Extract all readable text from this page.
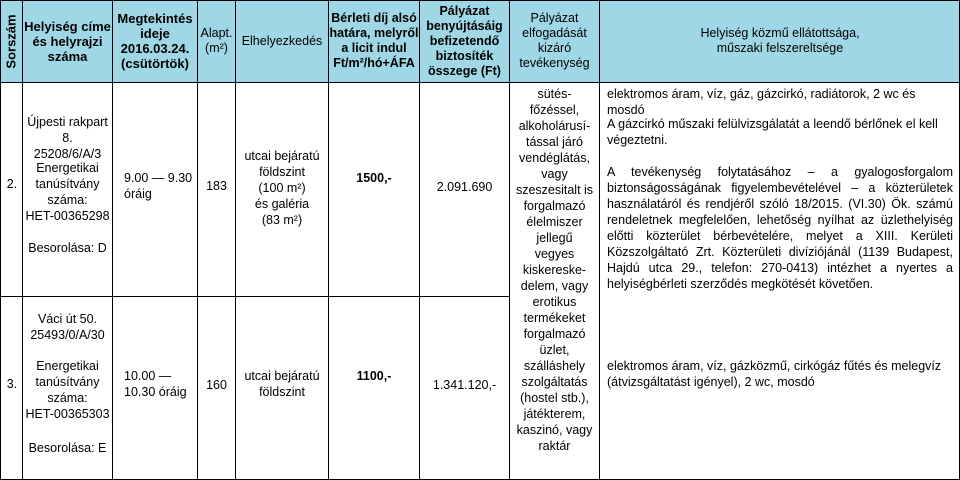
Sorszám Helyiség címe
és helyrajzi
száma
Megtekintés
ideje
2016.03.24.
(csütörtök)
Alapt.
(m²)
Elhelyezkedés
Bérleti díj alsó
határa, melyről
a licit indul
Ft/m²/hó+ÁFA
Pályázat
benyújtásáig
befizetendő
biztosíték
összege (Ft)
Pályázat
elfogadását
kizáró
tevékenység
Helyiség közmű ellátottsága,
műszaki felszereltsége
2.
Újpesti rakpart 8.
25208/6/A/3
Energetikai
tanúsítvány
száma:
HET-00365298
Besorolása: D
9.00 — 9.30
óráig
183
utcai bejáratú
földszint
(100 m²)
és galéria
(83 m²)
1500,-
2.091.690
3.
Váci út 50.
25493/0/A/30
Energetikai
tanúsítvány
száma:
HET-00365303
Besorolása: E
10.00 —
10.30 óráig	160
utcai bejáratú
földszint
1100,-
1.341.120,-
sütés-
főzéssel,
alkoholárusí-
tással járó
vendéglátás,
vagy
szeszesitalt is
forgalmazó
élelmiszer
jellegű
vegyes
kiskereske-
delem, vagy
erotikus
termékeket
forgalmazó
üzlet,
szálláshely
szolgáltatás
(hostel stb.),
játékterem,
kaszinó, vagy
raktár
elektromos áram, víz, gáz, gázcirkó, radiátorok, 2 wc és mosdó
A gázcirkó műszaki felülvizsgálatát a leendő bérlőnek el kell végeztetni.
A tevékenység folytatásához – a gyalogosforgalom biztonságosságának figyelembevételével – a közterületek használatáról és rendjéről szóló 18/2015. (VI.30) Ök. számú rendeletnek megfelelően, lehetőség nyílhat az üzlethelyiség előtti közterület bérbevételére, melyet a XIII. Kerületi Közszolgáltató Zrt. Közterületi divíziójánál (1139 Budapest, Hajdú utca 29., telefon: 270-0413) intézhet a nyertes a helyiségbérleti szerződés megkötését követően.
elektromos áram, víz, gázközmű, cirkógáz fűtés és melegvíz (átvizsgáltatást igényel), 2 wc, mosdó
